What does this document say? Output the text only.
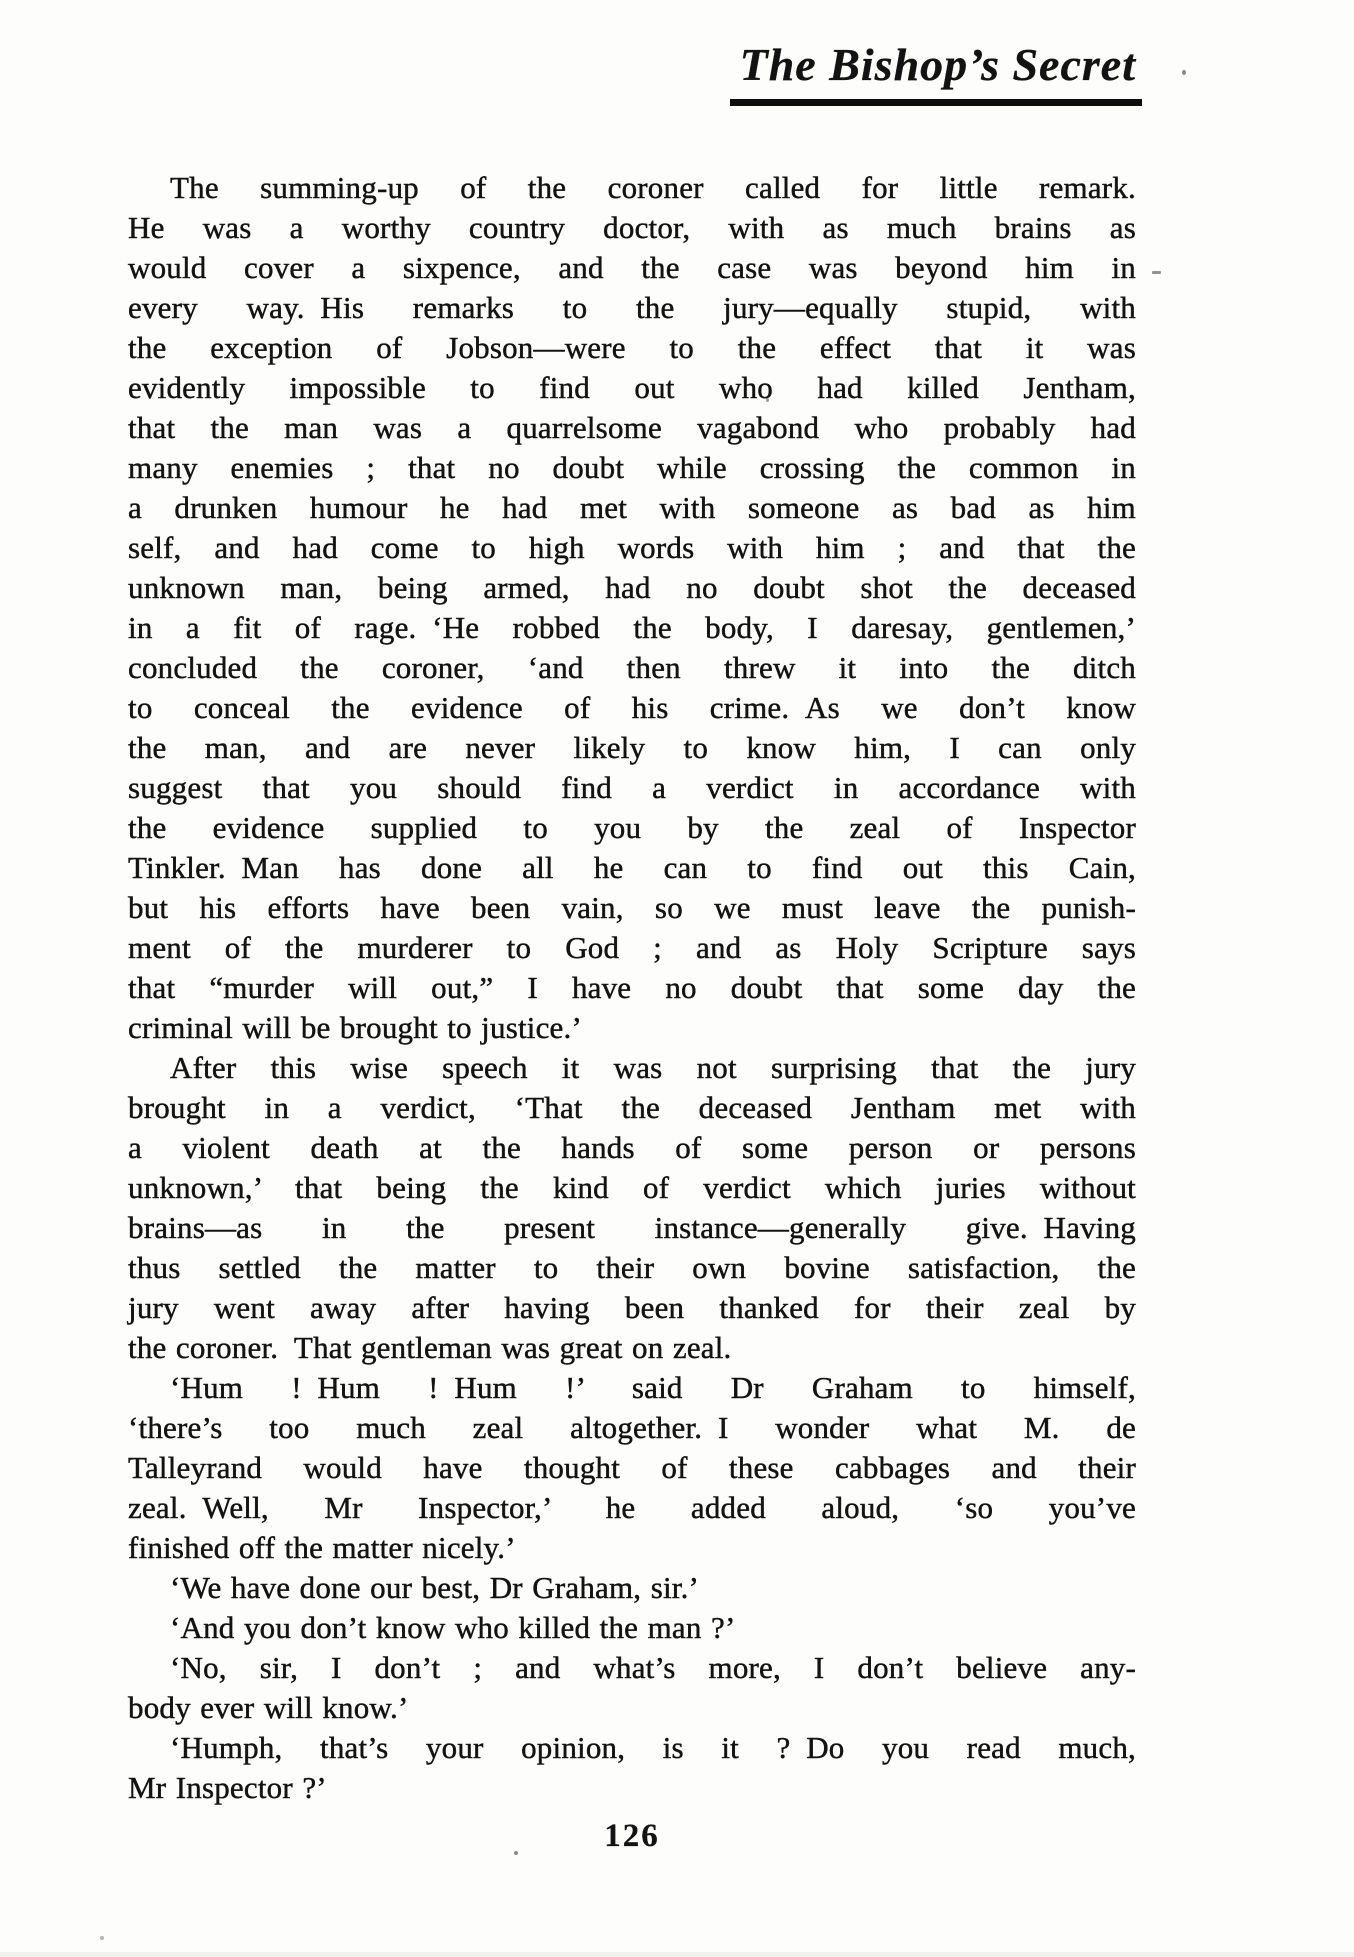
The Bishop’s Secret
The summing-up of the coroner called for little remark.
He was a worthy country doctor, with as much brains as
would cover a sixpence, and the case was beyond him in
every way. His remarks to the jury—equally stupid, with
the exception of Jobson—were to the effect that it was
evidently impossible to find out who had killed Jentham,
that the man was a quarrelsome vagabond who probably had
many enemies ; that no doubt while crossing the common in
a drunken humour he had met with someone as bad as him
self, and had come to high words with him ; and that the
unknown man, being armed, had no doubt shot the deceased
in a fit of rage. ‘He robbed the body, I daresay, gentlemen,’
concluded the coroner, ‘and then threw it into the ditch
to conceal the evidence of his crime. As we don’t know
the man, and are never likely to know him, I can only
suggest that you should find a verdict in accordance with
the evidence supplied to you by the zeal of Inspector
Tinkler. Man has done all he can to find out this Cain,
but his efforts have been vain, so we must leave the punish-
ment of the murderer to God ; and as Holy Scripture says
that “murder will out,” I have no doubt that some day the
criminal will be brought to justice.’
After this wise speech it was not surprising that the jury
brought in a verdict, ‘That the deceased Jentham met with
a violent death at the hands of some person or persons
unknown,’ that being the kind of verdict which juries without
brains—as in the present instance—generally give. Having
thus settled the matter to their own bovine satisfaction, the
jury went away after having been thanked for their zeal by
the coroner. That gentleman was great on zeal.
‘Hum ! Hum ! Hum !’ said Dr Graham to himself,
‘there’s too much zeal altogether. I wonder what M. de
Talleyrand would have thought of these cabbages and their
zeal. Well, Mr Inspector,’ he added aloud, ‘so you’ve
finished off the matter nicely.’
‘We have done our best, Dr Graham, sir.’
‘And you don’t know who killed the man ?’
‘No, sir, I don’t ; and what’s more, I don’t believe any-
body ever will know.’
‘Humph, that’s your opinion, is it ? Do you read much,
Mr Inspector ?’
126
